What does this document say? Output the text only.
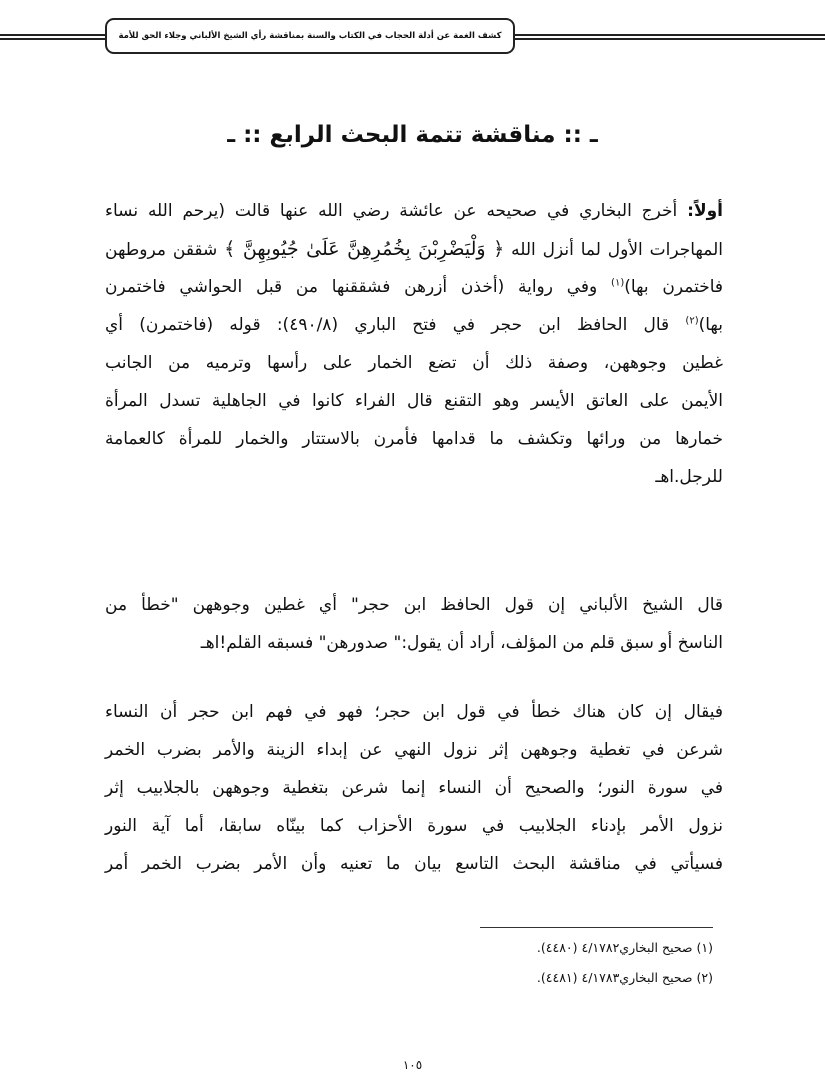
كشف الغمة عن أدلة الحجاب في الكتاب والسنة بمناقشة رأي الشيخ الألباني وجلاء الحق للأمة
ـ :: مناقشة تتمة البحث الرابع :: ـ
أولاً: أخرج البخاري في صحيحه عن عائشة رضي الله عنها قالت (يرحم الله نساء
المهاجرات الأول لما أنزل الله ﴿ وَلْيَضْرِبْنَ بِخُمُرِهِنَّ عَلَىٰ جُيُوبِهِنَّ ﴾ شققن مروطهن
فاختمرن بها)$^{(١)}$ وفي رواية (أخذن أزرهن فشققنها من قبل الحواشي فاختمرن
بها)$^{(٢)}$ قال الحافظ ابن حجر في فتح الباري (٤٩٠/٨): قوله (فاختمرن) أي
غطين وجوههن، وصفة ذلك أن تضع الخمار على رأسها وترميه من الجانب
الأيمن على العاتق الأيسر وهو التقنع قال الفراء كانوا في الجاهلية تسدل المرأة
خمارها من ورائها وتكشف ما قدامها فأمرن بالاستتار والخمار للمرأة كالعمامة
للرجل.اهـ
قال الشيخ الألباني إن قول الحافظ ابن حجر" أي غطين وجوههن "خطأ من
الناسخ أو سبق قلم من المؤلف، أراد أن يقول:" صدورهن" فسبقه القلم!اهـ
فيقال إن كان هناك خطأ في قول ابن حجر؛ فهو في فهم ابن حجر أن النساء
شرعن في تغطية وجوههن إثر نزول النهي عن إبداء الزينة والأمر بضرب الخمر
في سورة النور؛ والصحيح أن النساء إنما شرعن بتغطية وجوههن بالجلابيب إثر
نزول الأمر بإدناء الجلابيب في سورة الأحزاب كما بينّاه سابقا، أما آية النور
فسيأتي في مناقشة البحث التاسع بيان ما تعنيه وأن الأمر بضرب الخمر أمر
(١) صحيح البخاري٤/١٧٨٢ (٤٤٨٠).
(٢) صحيح البخاري٤/١٧٨٣ (٤٤٨١).
١٠٥
